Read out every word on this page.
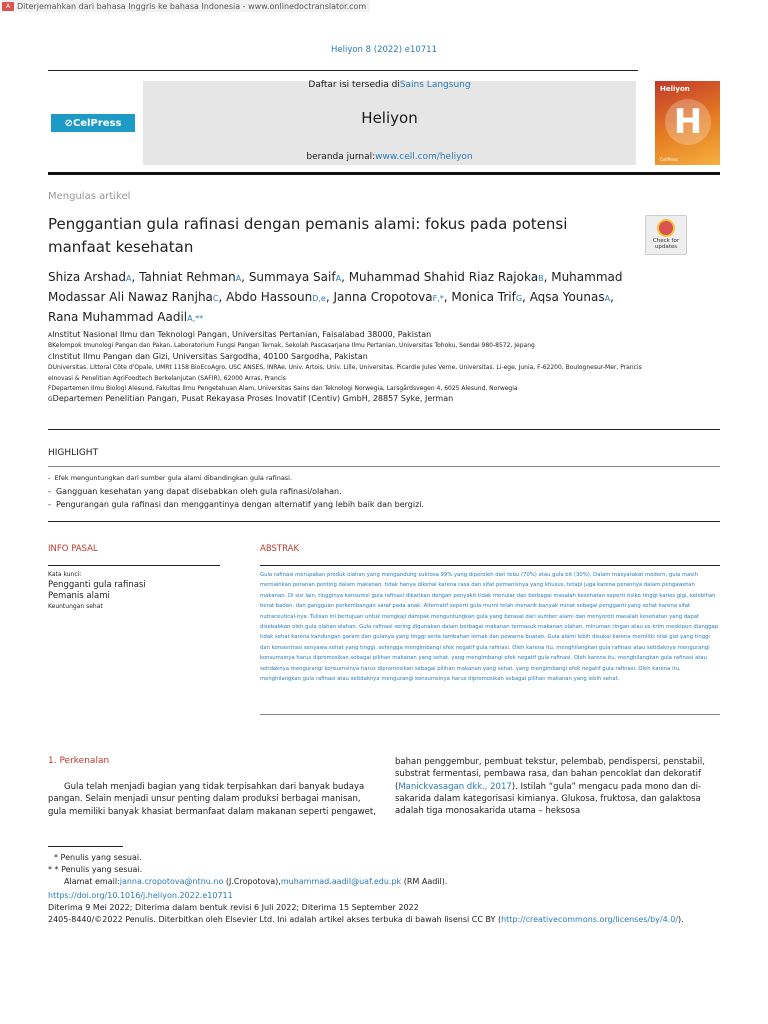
A Diterjemahkan dari bahasa Inggris ke bahasa Indonesia - www.onlinedoctranslator.com
Heliyon 8 (2022) e10711
⊘ CelPress
Daftar isi tersedia diSains Langsung
Heliyon
beranda jurnal:www.cell.com/heliyon
Heliyon
H
CellPress
Mengulas artikel
Penggantian gula rafinasi dengan pemanis alami: fokus pada potensi manfaat kesehatan	Check for updates
Shiza ArshadA, Tahniat RehmanA, Summaya SaifA, Muhammad Shahid Riaz RajokaB, Muhammad Modassar Ali Nawaz RanjhaC, Abdo HassounD,e, Janna CropotovaF,*, Monica TrifG, Aqsa YounasA, Rana Muhammad AadilA,**
AInstitut Nasional Ilmu dan Teknologi Pangan, Universitas Pertanian, Faisalabad 38000, Pakistan
BKelompok Imunologi Pangan dan Pakan, Laboratorium Fungsi Pangan Ternak, Sekolah Pascasarjana Ilmu Pertanian, Universitas Tohoku, Sendai 980-8572, Jepang
CInstitut Ilmu Pangan dan Gizi, Universitas Sargodha, 40100 Sargodha, Pakistan
DUniversitas. Littoral Côte d'Opale, UMRt 1158 BioEcoAgro, USC ANSES, INRAe, Univ. Artois, Univ. Lille, Universitas. Picardie Jules Verne, Universitas. Li-ege, Junia, F-62200, Boulognesur-Mer, Prancis
eInovasi & Penelitian AgriFoodtech Berkelanjutan (SAFIR), 62000 Arras, Prancis
FDepartemen Ilmu Biologi Alesund, Fakultas Ilmu Pengetahuan Alam, Universitas Sains dan Teknologi Norwegia, Larsgårdsvegen 4, 6025 Alesund, Norwegia
GDepartemen Penelitian Pangan, Pusat Rekayasa Proses Inovatif (Centiv) GmbH, 28857 Syke, Jerman
HIGHLIGHT
-  Efek menguntungkan dari sumber gula alami dibandingkan gula rafinasi.
-  Gangguan kesehatan yang dapat disebabkan oleh gula rafinasi/olahan.
-  Pengurangan gula rafinasi dan menggantinya dengan alternatif yang lebih baik dan bergizi.
INFO PASAL	ABSTRAK
Kata kunci:
Pengganti gula rafinasi
Pemanis alami
Keuntungan sehat
Gula rafinasi merupakan produk olahan yang mengandung sukrosa 99% yang diperoleh dari tebu (70%) atau gula bit (30%). Dalam masyarakat modern, gula masih memainkan peranan penting dalam makanan, tidak hanya dikenal karena rasa dan sifat pemanisnya yang khusus, tetapi juga karena perannya dalam pengawetan makanan. Di sisi lain, tingginya konsumsi gula rafinasi dikaitkan dengan penyakit tidak menular dan berbagai masalah kesehatan seperti risiko tinggi karies gigi, kelebihan berat badan, dan gangguan perkembangan saraf pada anak. Alternatif seperti gula murni telah menarik banyak minat sebagai pengganti yang sehat karena sifat nutraceutical-nya. Tulisan ini bertujuan untuk mengkaji dampak menguntungkan gula yang berasal dari sumber alami dan menyoroti masalah kesehatan yang dapat disebabkan oleh gula olahan olahan. Gula rafinasi sering digunakan dalam berbagai makanan termasuk makanan olahan, minuman ringan atau es krim meskipun dianggap tidak sehat karena kandungan garam dan gulanya yang tinggi serta tambahan lemak dan pewarna buatan. Gula alami lebih disukai karena memiliki nilai gizi yang tinggi dan konsentrasi senyawa sehat yang tinggi, sehingga mengimbangi efek negatif gula rafinasi. Oleh karena itu, menghilangkan gula rafinasi atau setidaknya mengurangi konsumsinya harus dipromosikan sebagai pilihan makanan yang sehat. yang mengimbangi efek negatif gula rafinasi. Oleh karena itu, menghilangkan gula rafinasi atau setidaknya mengurangi konsumsinya harus dipromosikan sebagai pilihan makanan yang sehat. yang mengimbangi efek negatif gula rafinasi. Oleh karena itu, menghilangkan gula rafinasi atau setidaknya mengurangi konsumsinya harus dipromosikan sebagai pilihan makanan yang lebih sehat.
1. Perkenalan
Gula telah menjadi bagian yang tidak terpisahkan dari banyak budaya pangan. Selain menjadi unsur penting dalam produksi berbagai manisan, gula memiliki banyak khasiat bermanfaat dalam makanan seperti pengawet,
bahan penggembur, pembuat tekstur, pelembab, pendispersi, penstabil, substrat fermentasi, pembawa rasa, dan bahan pencoklat dan dekoratif (Manickvasagan dkk., 2017). Istilah “gula” mengacu pada mono dan di-sakarida dalam kategorisasi kimianya. Glukosa, fruktosa, dan galaktosa adalah tiga monosakarida utama – heksosa
* Penulis yang sesuai.
* * Penulis yang sesuai.
Alamat email:janna.cropotova@ntnu.no (J.Cropotova),muhammad.aadil@uaf.edu.pk (RM Aadil).
https://doi.org/10.1016/j.heliyon.2022.e10711
Diterima 9 Mei 2022; Diterima dalam bentuk revisi 6 Juli 2022; Diterima 15 September 2022
2405-8440/©2022 Penulis. Diterbitkan oleh Elsevier Ltd. Ini adalah artikel akses terbuka di bawah lisensi CC BY (http://creativecommons.org/licenses/by/4.0/).
